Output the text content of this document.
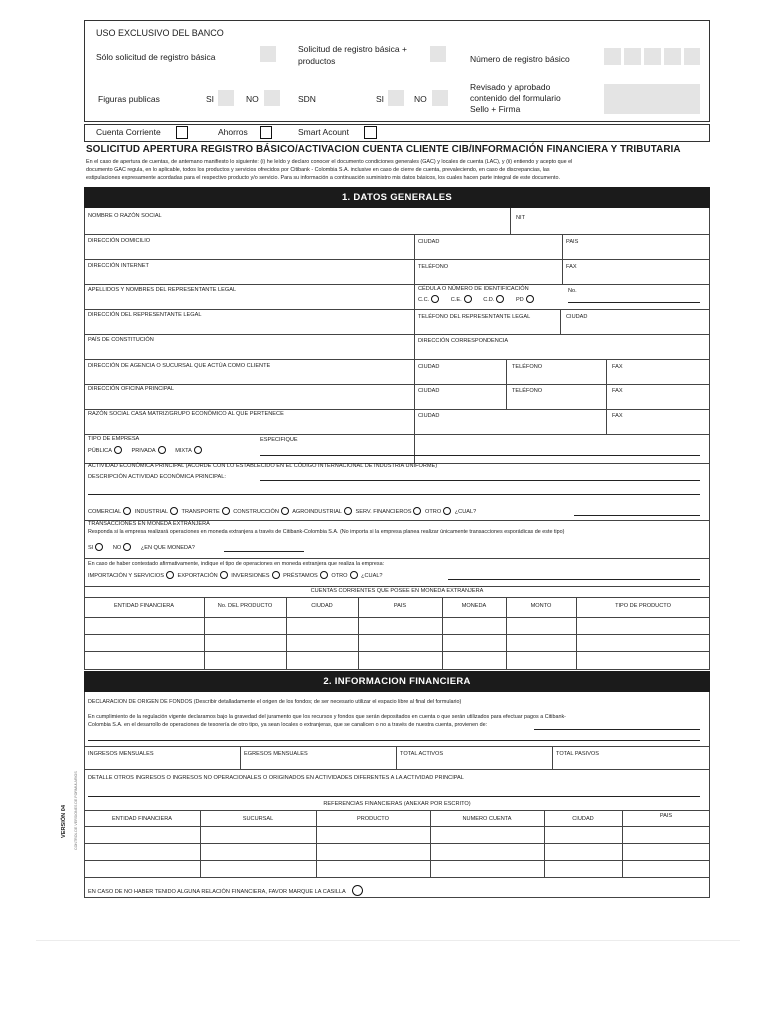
USO EXCLUSIVO DEL BANCO
Sólo solicitud de registro básica
Solicitud de registro básica +
productos	Número de registro básico
Figuras publicas	SI	NO	SDN	SI	NO
Revisado y aprobado
contenido del formulario
Sello + Firma
Cuenta Corriente	Ahorros	Smart Acount
SOLICITUD APERTURA REGISTRO BÁSICO/ACTIVACION CUENTA CLIENTE CIB/INFORMACIÓN FINANCIERA Y TRIBUTARIA
En el caso de apertura de cuentas, de antemano manifiesto lo siguiente: (i) he leído y declaro conocer el documento condiciones generales (GAC) y locales de cuenta (LAC), y (ii) entiendo y acepto que el
documento GAC regula, en lo aplicable, todos los productos y servicios ofrecidos por Citibank - Colombia S.A. inclusive en caso de cierre de cuenta, prevaleciendo, en caso de discrepancias, las
estipulaciones expresamente acordadas para el respectivo producto y/o servicio. Para su información a continuación suministro mis datos básicos, los cuales hacen parte integral de este documento.
1. DATOS GENERALES
NOMBRE O RAZÓN SOCIAL	NIT
DIRECCIÓN DOMICILIO	CIUDAD	PAIS
DIRECCIÓN INTERNET	TELÉFONO	FAX
APELLIDOS Y NOMBRES DEL REPRESENTANTE LEGAL	CÉDULA O NÚMERO DE IDENTIFICACIÓN	No.
C.C.	C.E.	C.D.	PD
DIRECCIÓN DEL REPRESENTANTE LEGAL	TELÉFONO DEL REPRESENTANTE LEGAL	CIUDAD
PAÍS DE CONSTITUCIÓN	DIRECCIÓN CORRESPONDENCIA
DIRECCIÓN DE AGENCIA O SUCURSAL QUE ACTÚA COMO CLIENTE	CIUDAD	TELÉFONO	FAX
DIRECCIÓN OFICINA PRINCIPAL	CIUDAD	TELÉFONO	FAX
RAZÓN SOCIAL CASA MATRIZ/GRUPO ECONÓMICO AL QUE PERTENECE	CIUDAD	FAX
TIPO DE EMPRESA	ESPECIFIQUE
PÚBLICA	PRIVADA	MIXTA
ACTIVIDAD ECONÓMICA PRINCIPAL (ACORDE CON LO ESTABLECIDO EN EL CÓDIGO INTERNACIONAL DE INDUSTRIA UNIFORME)
DESCRIPCIÓN ACTIVIDAD ECONÓMICA PRINCIPAL:
COMERCIAL INDUSTRIAL TRANSPORTE CONSTRUCCIÓN AGROINDUSTRIAL SERV. FINANCIEROS OTRO ¿CUAL?
TRANSACCIONES EN MONEDA EXTRANJERA
Responda si la empresa realizará operaciones en moneda extranjera a través de Citibank-Colombia S.A. (No importa si la empresa planea realizar únicamente transacciones esporádicas de este tipo)
SI	NO	¿EN QUE MONEDA?
En caso de haber contestado afirmativamente, indique el tipo de operaciones en moneda extranjera que realiza la empresa:
IMPORTACIÓN Y SERVICIOS EXPORTACIÓN INVERSIONES PRÉSTAMOS OTRO ¿CUAL?
CUENTAS CORRIENTES QUE POSEE EN MONEDA EXTRANJERA
ENTIDAD FINANCIERA	No. DEL PRODUCTO	CIUDAD	PAIS	MONEDA	MONTO	TIPO DE PRODUCTO
2. INFORMACION FINANCIERA
DECLARACIÓN DE ORIGEN DE FONDOS (Describir detalladamente el origen de los fondos; de ser necesario utilizar el espacio libre al final del formulario)
En cumplimiento de la regulación vigente declaramos bajo la gravedad del juramento que los recursos y fondos que serán depositados en cuenta o que serán utilizados para efectuar pagos a Citibank-
Colombia S.A. en el desarrollo de operaciones de tesorería de otro tipo, ya sean locales o extranjeras, que se canalicen o no a través de nuestra cuenta, provienen de:
INGRESOS MENSUALES	EGRESOS MENSUALES	TOTAL ACTIVOS	TOTAL PASIVOS
DETALLE OTROS INGRESOS O INGRESOS NO OPERACIONALES O ORIGINADOS EN ACTIVIDADES DIFERENTES A LA ACTIVIDAD PRINCIPAL
REFERENCIAS FINANCIERAS (ANEXAR POR ESCRITO)
ENTIDAD FINANCIERA	SUCURSAL	PRODUCTO	NUMERO CUENTA	CIUDAD	PAIS
EN CASO DE NO HABER TENIDO ALGUNA RELACIÓN FINANCIERA, FAVOR MARQUE LA CASILLA
VERSIÓN 04	CONTROL DE VERSIONES DE FORMULARIOS
